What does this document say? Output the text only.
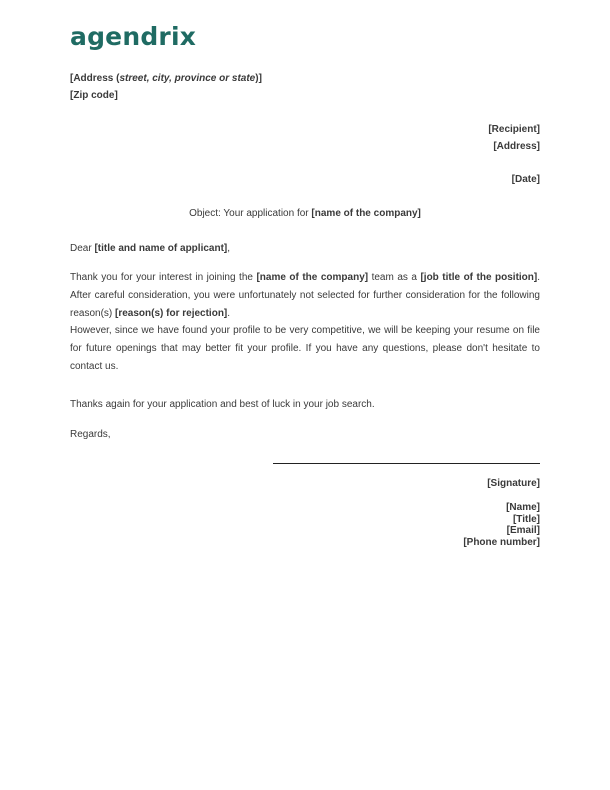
agendrix
[Address (street, city, province or state)]
[Zip code]
[Recipient]
[Address]
[Date]
Object: Your application for [name of the company]
Dear [title and name of applicant],
Thank you for your interest in joining the [name of the company] team as a [job title of the position]. After careful consideration, you were unfortunately not selected for further consideration for the following reason(s) [reason(s) for rejection].
However, since we have found your profile to be very competitive, we will be keeping your resume on file for future openings that may better fit your profile. If you have any questions, please don't hesitate to contact us.
Thanks again for your application and best of luck in your job search.
Regards,
[Signature]
[Name]
[Title]
[Email]
[Phone number]
